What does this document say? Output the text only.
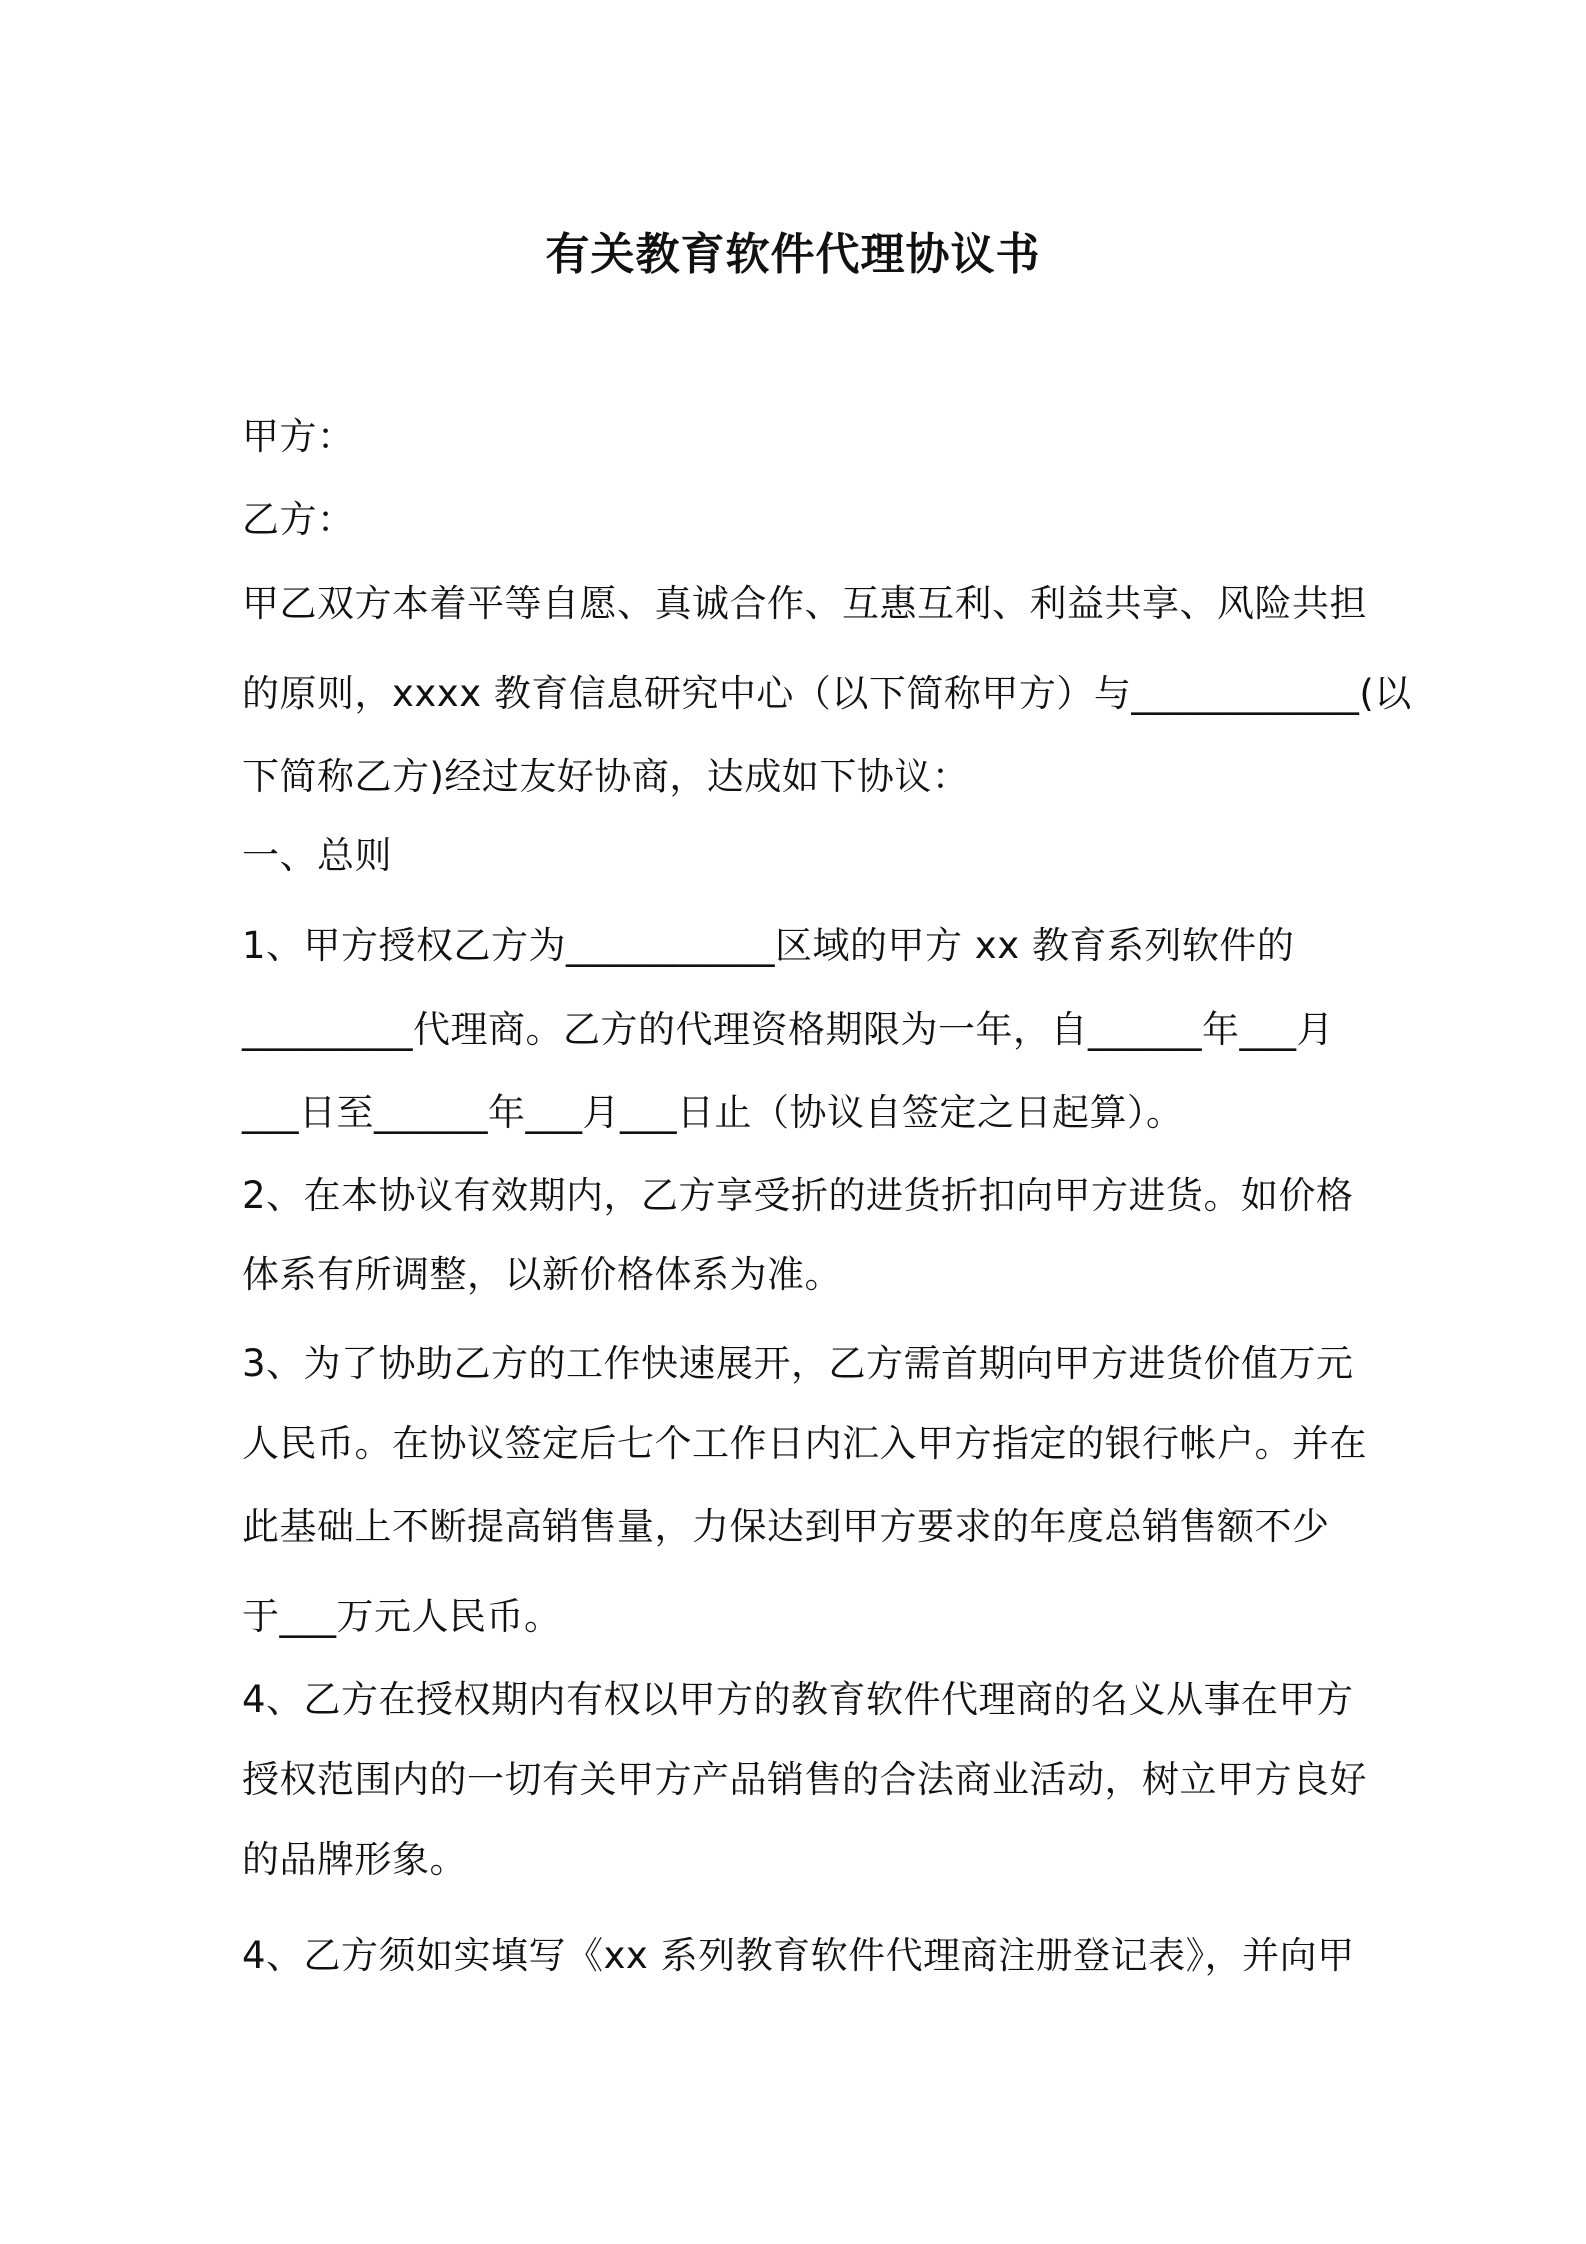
有关教育软件代理协议书
甲方：
乙方：
甲乙双方本着平等自愿、真诚合作、互惠互利、利益共享、风险共担
的原则，xxxx 教育信息研究中心（以下简称甲方）与____________(以
下简称乙方)经过友好协商，达成如下协议：
一、总则
1、甲方授权乙方为___________区域的甲方 xx 教育系列软件的
_________代理商。乙方的代理资格期限为一年，自______年___月
___日至______年___月___日止（协议自签定之日起算）。
2、在本协议有效期内，乙方享受折的进货折扣向甲方进货。如价格
体系有所调整，以新价格体系为准。
3、为了协助乙方的工作快速展开，乙方需首期向甲方进货价值万元
人民币。在协议签定后七个工作日内汇入甲方指定的银行帐户。并在
此基础上不断提高销售量，力保达到甲方要求的年度总销售额不少
于___万元人民币。
4、乙方在授权期内有权以甲方的教育软件代理商的名义从事在甲方
授权范围内的一切有关甲方产品销售的合法商业活动，树立甲方良好
的品牌形象。
4、乙方须如实填写《xx 系列教育软件代理商注册登记表》，并向甲
